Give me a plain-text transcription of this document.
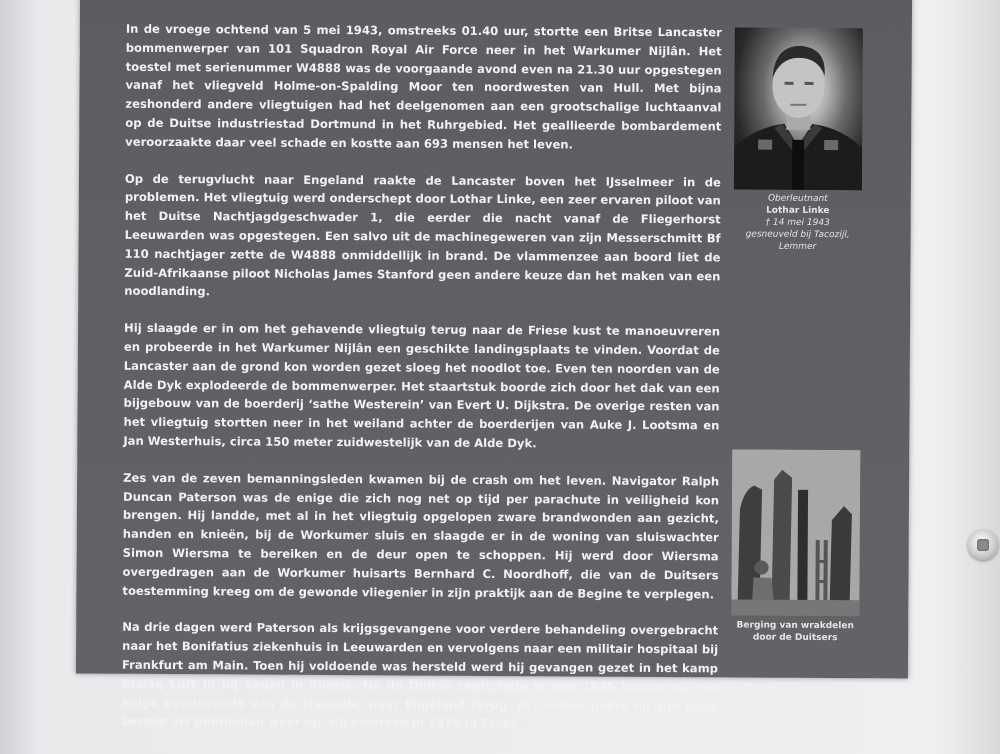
In de vroege ochtend van 5 mei 1943, omstreeks 01.40 uur, stortte een Britse Lancaster bommenwerper van 101 Squadron Royal Air Force neer in het Warkumer Nijlân. Het toestel met serienummer W4888 was de voorgaande avond even na 21.30 uur opgestegen vanaf het vliegveld Holme-on-Spalding Moor ten noordwesten van Hull. Met bijna zeshonderd andere vliegtuigen had het deelgenomen aan een grootschalige luchtaanval op de Duitse industriestad Dortmund in het Ruhrgebied. Het geallieerde bombardement veroorzaakte daar veel schade en kostte aan 693 mensen het leven.

Op de terugvlucht naar Engeland raakte de Lancaster boven het IJsselmeer in de problemen. Het vliegtuig werd onderschept door Lothar Linke, een zeer ervaren piloot van het Duitse Nachtjagdgeschwader 1, die eerder die nacht vanaf de Fliegerhorst Leeuwarden was opgestegen. Een salvo uit de machinegeweren van zijn Messerschmitt Bf 110 nachtjager zette de W4888 onmiddellijk in brand. De vlammenzee aan boord liet de Zuid-Afrikaanse piloot Nicholas James Stanford geen andere keuze dan het maken van een noodlanding.

Hij slaagde er in om het gehavende vliegtuig terug naar de Friese kust te manoeuvreren en probeerde in het Warkumer Nijlân een geschikte landingsplaats te vinden. Voordat de Lancaster aan de grond kon worden gezet sloeg het noodlot toe. Even ten noorden van de Alde Dyk explodeerde de bommenwerper. Het staartstuk boorde zich door het dak van een bijgebouw van de boerderij ‘sathe Westerein’ van Evert U. Dijkstra. De overige resten van het vliegtuig stortten neer in het weiland achter de boerderijen van Auke J. Lootsma en Jan Westerhuis, circa 150 meter zuidwestelijk van de Alde Dyk.

Zes van de zeven bemanningsleden kwamen bij de crash om het leven. Navigator Ralph Duncan Paterson was de enige die zich nog net op tijd per parachute in veiligheid kon brengen. Hij landde, met al in het vliegtuig opgelopen zware brandwonden aan gezicht, handen en knieën, bij de Workumer sluis en slaagde er in de woning van sluiswachter Simon Wiersma te bereiken en de deur open te schoppen. Hij werd door Wiersma overgedragen aan de Workumer huisarts Bernhard C. Noordhoff, die van de Duitsers toestemming kreeg om de gewonde vliegenier in zijn praktijk aan de Begine te verplegen.

Na drie dagen werd Paterson als krijgsgevangene voor verdere behandeling overgebracht naar het Bonifatius ziekenhuis in Leeuwarden en vervolgens naar een militair hospitaal bij Frankfurt am Main. Toen hij voldoende was hersteld werd hij gevangen gezet in het kamp Stalag Luft III bij Sagan in Silezië. Na de Duitse capitulatie in mei 1945 keerde hij, als enige overlevende van de tragedie, naar Engeland terug. In Londen pakte hij zijn oude beroep als politieman weer op. Hij overleed in 1978 in Essex.

Oberleutnant
Lothar Linke
† 14 mei 1943
gesneuveld bij Tacozijl,
Lemmer
Berging van wrakdelen
door de Duitsers
